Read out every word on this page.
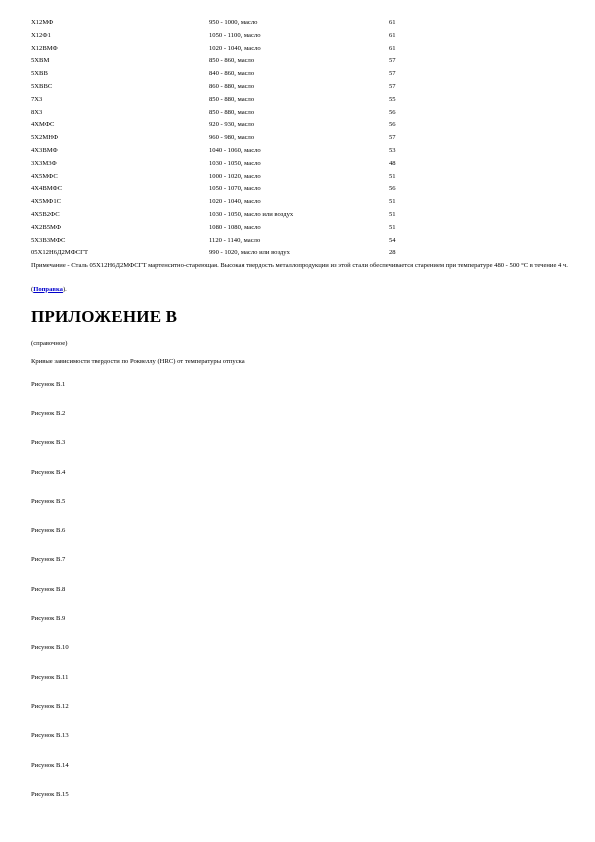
Х12МФ	950 - 1000, масло	61
Х12Ф1	1050 - 1100, масло	61
Х12ВМФ	1020 - 1040, масло	61
5ХВМ	850 - 860, масло	57
5ХВВ	840 - 860, масло	57
5ХВВС	860 - 880, масло	57
7Х3	850 - 880, масло	55
8Х3	850 - 880, масло	56
4ХМФС	920 - 930, масло	56
5Х2МНФ	960 - 980, масло	57
4Х3ВМФ	1040 - 1060, масло	53
3Х3М3Ф	1030 - 1050, масло	48
4Х5МФС	1000 - 1020, масло	51
4Х4ВМФС	1050 - 1070, масло	56
4Х5МФ1С	1020 - 1040, масло	51
4Х5В2ФС	1030 - 1050, масло или воздух	51
4Х2В5МФ	1080 - 1080, масло	51
5Х3В3МФС	1120 - 1140, масло	54
05Х12Н6Д2МФСГТ	990 - 1020, масло или воздух	28
Примечание - Сталь 05Х12Н6Д2МФСГТ мартенситно-стареющая. Высокая твердость металлопродукции из этой стали обеспечивается старением при температуре 480 - 500 °С в течение 4 ч.
(Поправка).
ПРИЛОЖЕНИЕ В
(справочное)
Кривые зависимости твердости по Роквеллу (HRC) от температуры отпуска
Рисунок В.1
Рисунок В.2
Рисунок В.3
Рисунок В.4
Рисунок В.5
Рисунок В.6
Рисунок В.7
Рисунок В.8
Рисунок В.9
Рисунок В.10
Рисунок В.11
Рисунок В.12
Рисунок В.13
Рисунок В.14
Рисунок В.15
